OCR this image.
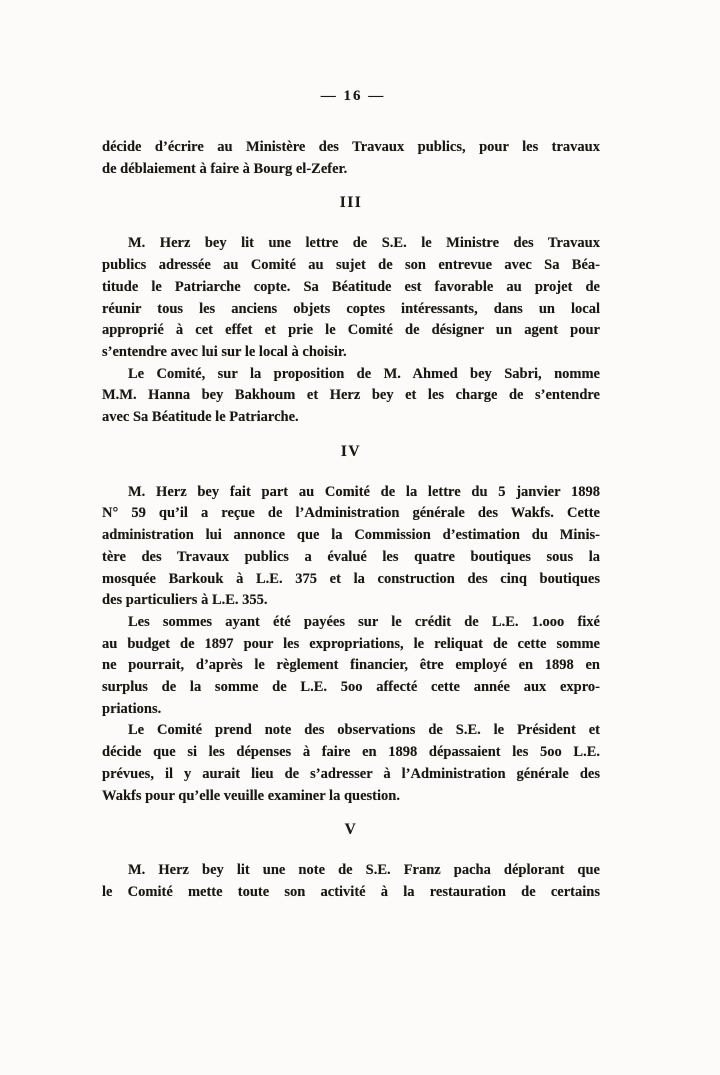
— 16 —

décide d’écrire au Ministère des Travaux publics, pour les travaux
de déblaiement à faire à Bourg el-Zefer.

III

M. Herz bey lit une lettre de S.E. le Ministre des Travaux
publics adressée au Comité au sujet de son entrevue avec Sa Béa-
titude le Patriarche copte. Sa Béatitude est favorable au projet de
réunir tous les anciens objets coptes intéressants, dans un local
approprié à cet effet et prie le Comité de désigner un agent pour
s’entendre avec lui sur le local à choisir.

Le Comité, sur la proposition de M. Ahmed bey Sabri, nomme
M.M. Hanna bey Bakhoum et Herz bey et les charge de s’entendre
avec Sa Béatitude le Patriarche.

IV

M. Herz bey fait part au Comité de la lettre du 5 janvier 1898
N° 59 qu’il a reçue de l’Administration générale des Wakfs. Cette
administration lui annonce que la Commission d’estimation du Minis-
tère des Travaux publics a évalué les quatre boutiques sous la
mosquée Barkouk à L.E. 375 et la construction des cinq boutiques
des particuliers à L.E. 355.

Les sommes ayant été payées sur le crédit de L.E. 1.ooo fixé
au budget de 1897 pour les expropriations, le reliquat de cette somme
ne pourrait, d’après le règlement financier, être employé en 1898 en
surplus de la somme de L.E. 5oo affecté cette année aux expro-
priations.

Le Comité prend note des observations de S.E. le Président et
décide que si les dépenses à faire en 1898 dépassaient les 5oo L.E.
prévues, il y aurait lieu de s’adresser à l’Administration générale des
Wakfs pour qu’elle veuille examiner la question.

V

M. Herz bey lit une note de S.E. Franz pacha déplorant que
le Comité mette toute son activité à la restauration de certains
